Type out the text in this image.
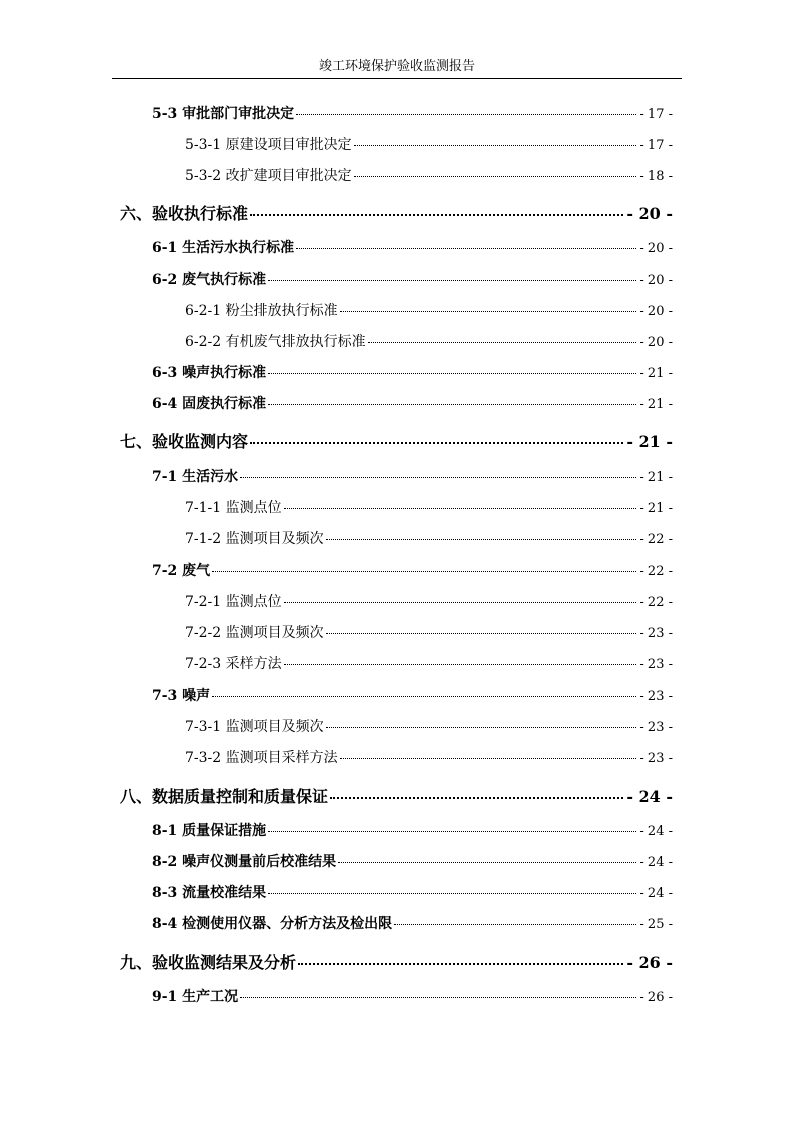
竣工环境保护验收监测报告
5-3 审批部门审批决定	- 17 -
5-3-1 原建设项目审批决定	- 17 -
5-3-2 改扩建项目审批决定	- 18 -
六、验收执行标准	- 20 -
6-1 生活污水执行标准	- 20 -
6-2 废气执行标准	- 20 -
6-2-1 粉尘排放执行标准	- 20 -
6-2-2 有机废气排放执行标准	- 20 -
6-3 噪声执行标准	- 21 -
6-4 固废执行标准	- 21 -
七、验收监测内容	- 21 -
7-1 生活污水	- 21 -
7-1-1 监测点位	- 21 -
7-1-2 监测项目及频次	- 22 -
7-2 废气	- 22 -
7-2-1 监测点位	- 22 -
7-2-2 监测项目及频次	- 23 -
7-2-3 采样方法	- 23 -
7-3 噪声	- 23 -
7-3-1 监测项目及频次	- 23 -
7-3-2 监测项目采样方法	- 23 -
八、数据质量控制和质量保证	- 24 -
8-1 质量保证措施	- 24 -
8-2 噪声仪测量前后校准结果	- 24 -
8-3 流量校准结果	- 24 -
8-4 检测使用仪器、分析方法及检出限	- 25 -
九、验收监测结果及分析	- 26 -
9-1 生产工况	- 26 -
